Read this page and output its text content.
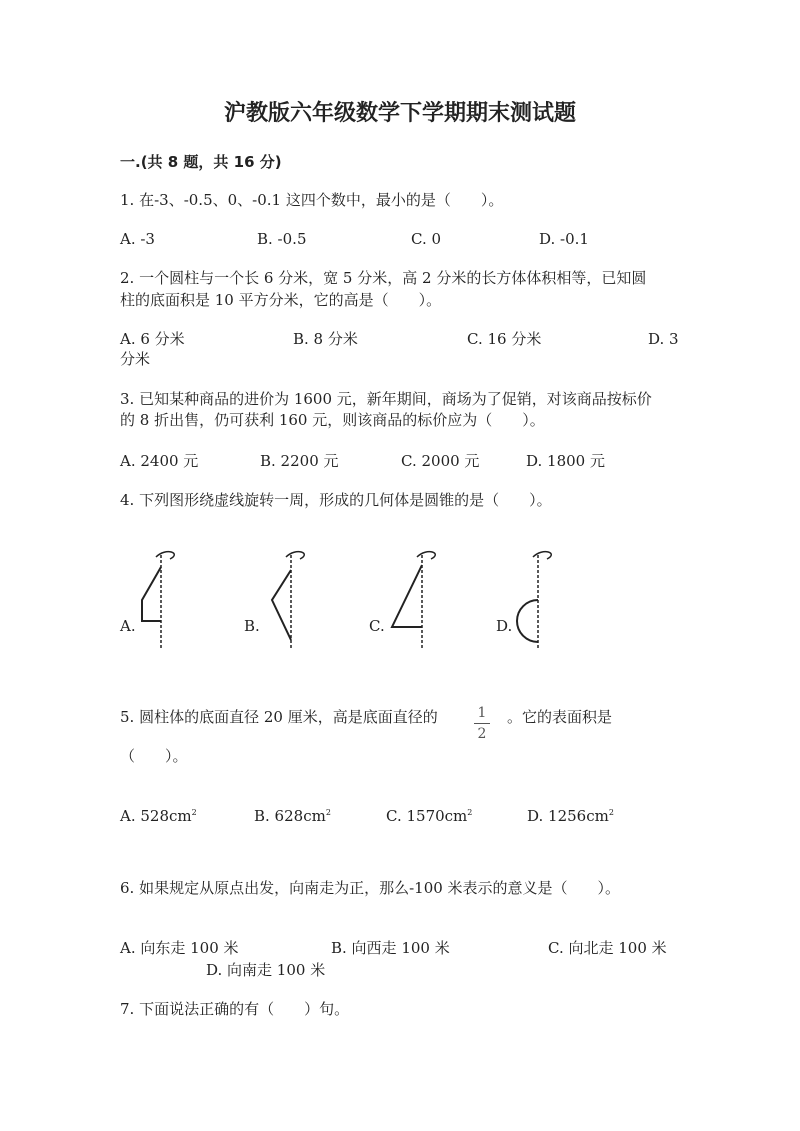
沪教版六年级数学下学期期末测试题
一.(共 8 题，共 16 分)
1. 在-3、-0.5、0、-0.1 这四个数中，最小的是（　　）。
A. -3	B. -0.5	C. 0	D. -0.1
2. 一个圆柱与一个长 6 分米，宽 5 分米，高 2 分米的长方体体积相等，已知圆
柱的底面积是 10 平方分米，它的高是（　　）。
A. 6 分米	B. 8 分米	C. 16 分米	D. 3
分米
3. 已知某种商品的进价为 1600 元，新年期间，商场为了促销，对该商品按标价
的 8 折出售，仍可获利 160 元，则该商品的标价应为（　　）。
A. 2400 元	B. 2200 元	C. 2000 元	D. 1800 元
4. 下列图形绕虚线旋转一周，形成的几何体是圆锥的是（　　）。
A.	B.	C.	D.
5. 圆柱体的底面直径 20 厘米，高是底面直径的	1
2
。它的表面积是
（　　）。
A. $528cm^2$	B. $628cm^2$	C. $1570cm^2$	D. $1256cm^2$
6. 如果规定从原点出发，向南走为正，那么-100 米表示的意义是（　　）。
A. 向东走 100 米	B. 向西走 100 米	C. 向北走 100 米
D. 向南走 100 米
7. 下面说法正确的有（　　）句。
